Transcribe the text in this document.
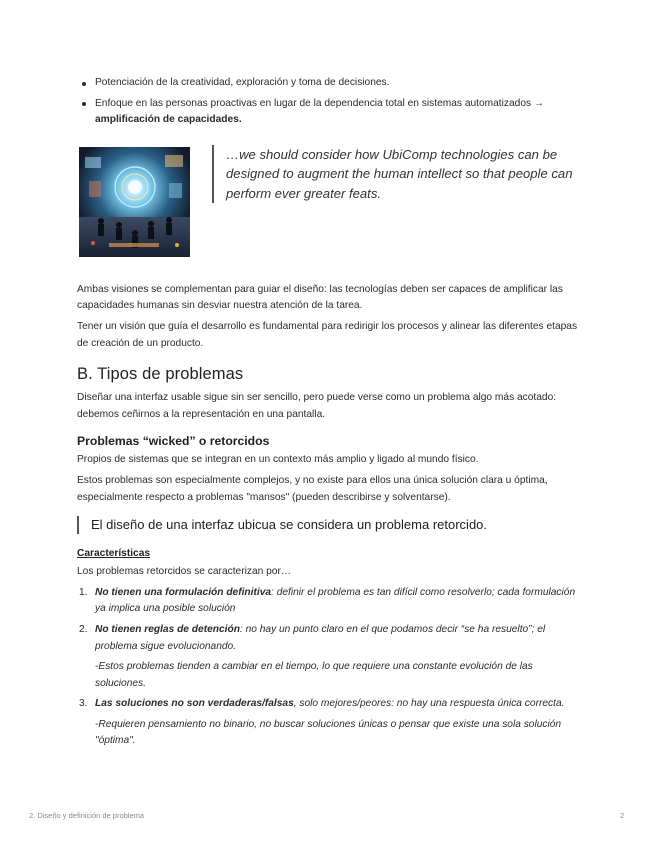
Potenciación de la creatividad, exploración y toma de decisiones.
Enfoque en las personas proactivas en lugar de la dependencia total en sistemas automatizados → amplificación de capacidades.
…we should consider how UbiComp technologies can be designed to augment the human intellect so that people can perform ever greater feats.

Ambas visiones se complementan para guiar el diseño: las tecnologías deben ser capaces de amplificar las capacidades humanas sin desviar nuestra atención de la tarea.

Tener un visión que guía el desarrollo es fundamental para redirigir los procesos y alinear las diferentes etapas de creación de un producto.

B. Tipos de problemas

Diseñar una interfaz usable sigue sin ser sencillo, pero puede verse como un problema algo más acotado: debemos ceñirnos a la representación en una pantalla.

Problemas “wicked” o retorcidos

Propios de sistemas que se integran en un contexto más amplio y ligado al mundo físico.

Estos problemas son especialmente complejos, y no existe para ellos una única solución clara u óptima, especialmente respecto a problemas "mansos" (pueden describirse y solventarse).

El diseño de una interfaz ubicua se considera un problema retorcido.
Características

Los problemas retorcidos se caracterizan por…

1. No tienen una formulación definitiva: definir el problema es tan difícil como resolverlo; cada formulación ya implica una posible solución
2. No tienen reglas de detención: no hay un punto claro en el que podamos decir “se ha resuelto”; el problema sigue evolucionando.
-Estos problemas tienden a cambiar en el tiempo, lo que requiere una constante evolución de las soluciones.
3. Las soluciones no son verdaderas/falsas, solo mejores/peores: no hay una respuesta única correcta.
-Requieren pensamiento no binario, no buscar soluciones únicas o pensar que existe una sola solución "óptima".
2. Diseño y definición de problema	2
